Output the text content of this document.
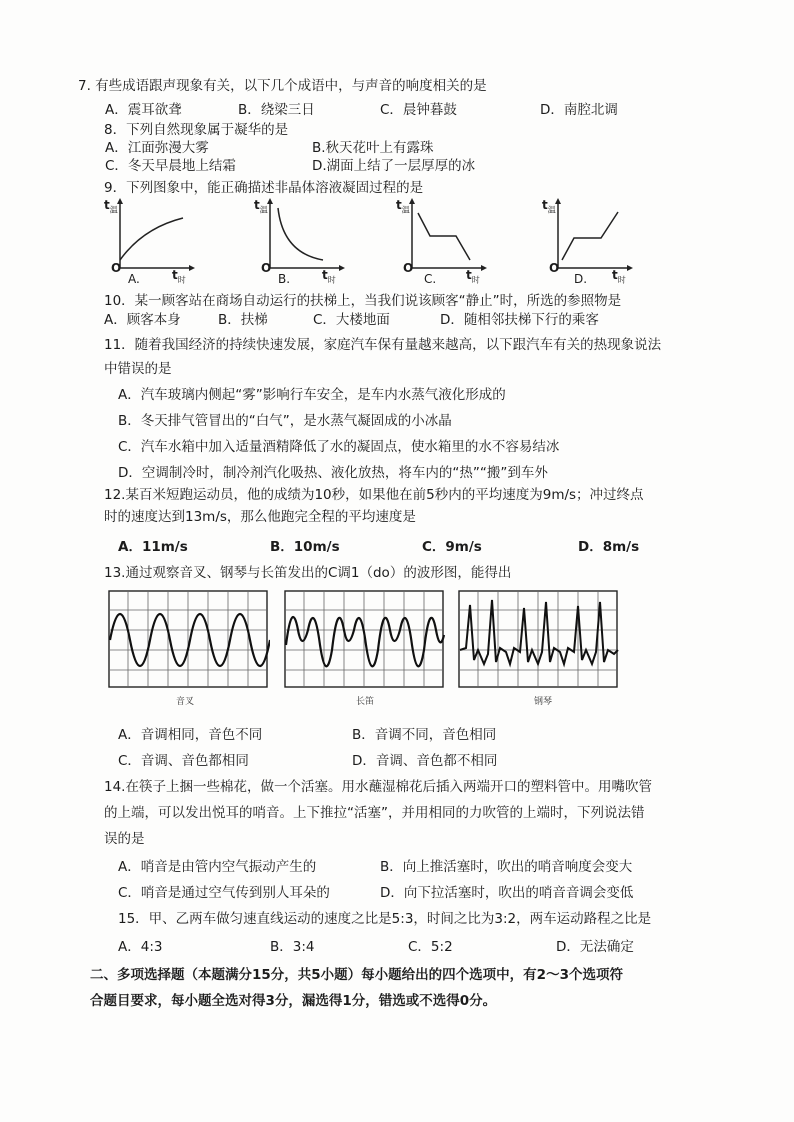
7. 有些成语跟声现象有关，以下几个成语中，与声音的响度相关的是
A．震耳欲聋	B．绕梁三日	C．晨钟暮鼓	D．南腔北调
8．下列自然现象属于凝华的是
A．江面弥漫大雾	B.秋天花叶上有露珠
C．冬天早晨地上结霜	D.湖面上结了一层厚厚的冰
9．下列图象中，能正确描述非晶体溶液凝固过程的是
$t_温$
O	$t_时$
A.
$t_温$
O	$t_时$
B.
$t_温$
O	$t_时$
C.
$t_温$
O	$t_时$
D.
10．某一顾客站在商场自动运行的扶梯上，当我们说该顾客“静止”时，所选的参照物是
A．顾客本身	B．扶梯	C．大楼地面	D．随相邻扶梯下行的乘客
11．随着我国经济的持续快速发展，家庭汽车保有量越来越高，以下跟汽车有关的热现象说法
中错误的是
A．汽车玻璃内侧起“雾”影响行车安全，是车内水蒸气液化形成的
B．冬天排气管冒出的“白气”，是水蒸气凝固成的小冰晶
C．汽车水箱中加入适量酒精降低了水的凝固点，使水箱里的水不容易结冰
D．空调制冷时，制冷剂汽化吸热、液化放热，将车内的“热”“搬”到车外
12.某百米短跑运动员，他的成绩为10秒，如果他在前5秒内的平均速度为9m/s；冲过终点
时的速度达到13m/s，那么他跑完全程的平均速度是
A．11m/s	B．10m/s	C．9m/s	D．8m/s
13.通过观察音叉、钢琴与长笛发出的C调1（do）的波形图，能得出
音叉	长笛	钢琴
A．音调相同，音色不同	B．音调不同，音色相同
C．音调、音色都相同	D．音调、音色都不相同
14.在筷子上捆一些棉花，做一个活塞。用水蘸湿棉花后插入两端开口的塑料管中。用嘴吹管
的上端，可以发出悦耳的哨音。上下推拉“活塞”，并用相同的力吹管的上端时，下列说法错
误的是
A．哨音是由管内空气振动产生的	B．向上推活塞时，吹出的哨音响度会变大
C．哨音是通过空气传到别人耳朵的	D．向下拉活塞时，吹出的哨音音调会变低
15．甲、乙两车做匀速直线运动的速度之比是5:3，时间之比为3:2，两车运动路程之比是
A．4:3	B．3:4	C．5:2	D．无法确定
二、多项选择题（本题满分15分，共5小题）每小题给出的四个选项中，有2～3个选项符
合题目要求，每小题全选对得3分，漏选得1分，错选或不选得0分。
